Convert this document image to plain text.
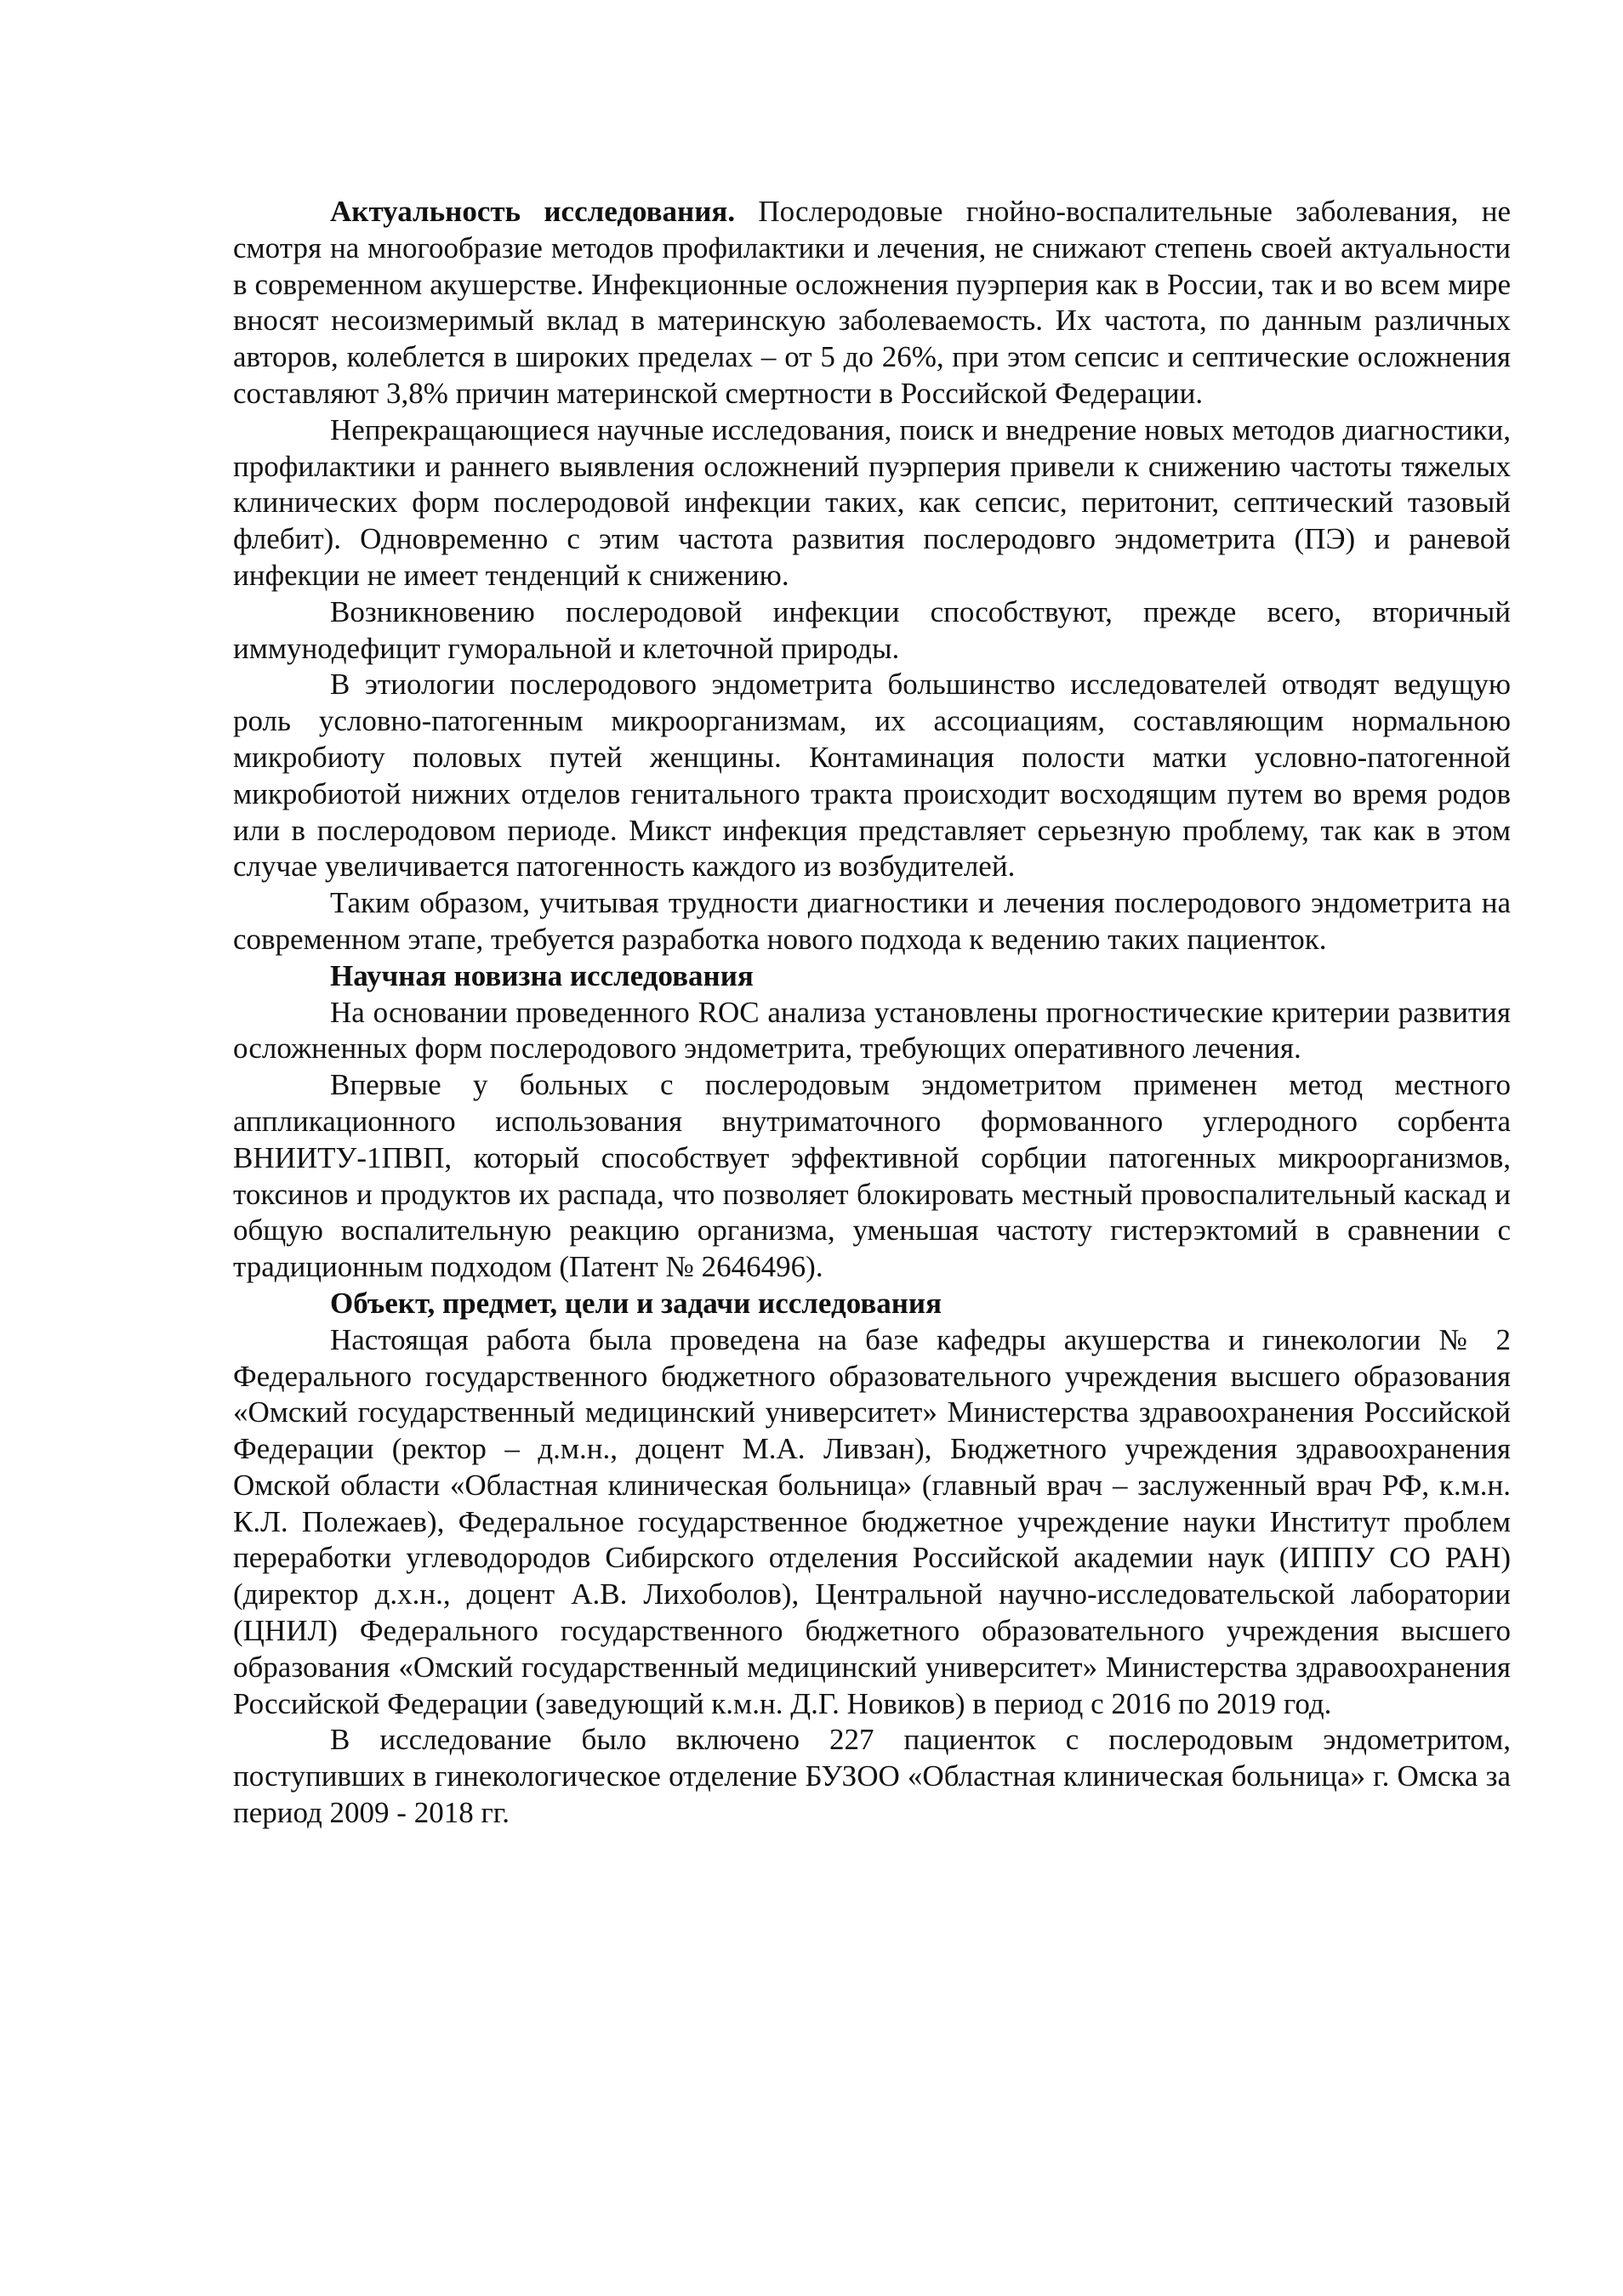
Актуальность исследования. Послеродовые гнойно-воспалительные заболевания, не смотря на многообразие методов профилактики и лечения, не снижают степень своей актуальности в современном акушерстве. Инфекционные осложнения пуэрперия как в России, так и во всем мире вносят несоизмеримый вклад в материнскую заболеваемость. Их частота, по данным различных авторов, колеблется в широких пределах – от 5 до 26%, при этом сепсис и септические осложнения составляют 3,8% причин материнской смертности в Российской Федерации.

Непрекращающиеся научные исследования, поиск и внедрение новых методов диагностики, профилактики и раннего выявления осложнений пуэрперия привели к снижению частоты тяжелых клинических форм послеродовой инфекции таких, как сепсис, перитонит, септический тазовый флебит). Одновременно с этим частота развития послеродовго эндометрита (ПЭ) и раневой инфекции не имеет тенденций к снижению.

Возникновению послеродовой инфекции способствуют, прежде всего, вторичный иммунодефицит гуморальной и клеточной природы.

В этиологии послеродового эндометрита большинство исследователей отводят ведущую роль условно-патогенным микроорганизмам, их ассоциациям, составляющим нормальною микробиоту половых путей женщины. Контаминация полости матки условно-патогенной микробиотой нижних отделов генитального тракта происходит восходящим путем во время родов или в послеродовом периоде. Микст инфекция представляет серьезную проблему, так как в этом случае увеличивается патогенность каждого из возбудителей.

Таким образом, учитывая трудности диагностики и лечения послеродового эндометрита на современном этапе, требуется разработка нового подхода к ведению таких пациенток.

Научная новизна исследования

На основании проведенного ROC анализа установлены прогностические критерии развития осложненных форм послеродового эндометрита, требующих оперативного лечения.

Впервые у больных с послеродовым эндометритом применен метод местного аппликационного использования внутриматочного формованного углеродного сорбента ВНИИТУ-1ПВП, который способствует эффективной сорбции патогенных микроорганизмов, токсинов и продуктов их распада, что позволяет блокировать местный провоспалительный каскад и общую воспалительную реакцию организма, уменьшая частоту гистерэктомий в сравнении с традиционным подходом (Патент № 2646496).

Объект, предмет, цели и задачи исследования

Настоящая работа была проведена на базе кафедры акушерства и гинекологии № 2 Федерального государственного бюджетного образовательного учреждения высшего образования «Омский государственный медицинский университет» Министерства здравоохранения Российской Федерации (ректор – д.м.н., доцент М.А. Ливзан), Бюджетного учреждения здравоохранения Омской области «Областная клиническая больница» (главный врач – заслуженный врач РФ, к.м.н. К.Л. Полежаев), Федеральное государственное бюджетное учреждение науки Институт проблем переработки углеводородов Сибирского отделения Российской академии наук (ИППУ СО РАН) (директор д.х.н., доцент А.В. Лихоболов), Центральной научно-исследовательской лаборатории (ЦНИЛ) Федерального государственного бюджетного образовательного учреждения высшего образования «Омский государственный медицинский университет» Министерства здравоохранения Российской Федерации (заведующий к.м.н. Д.Г. Новиков) в период с 2016 по 2019 год.

В исследование было включено 227 пациенток с послеродовым эндометритом, поступивших в гинекологическое отделение БУЗОО «Областная клиническая больница» г. Омска за период 2009 - 2018 гг.
